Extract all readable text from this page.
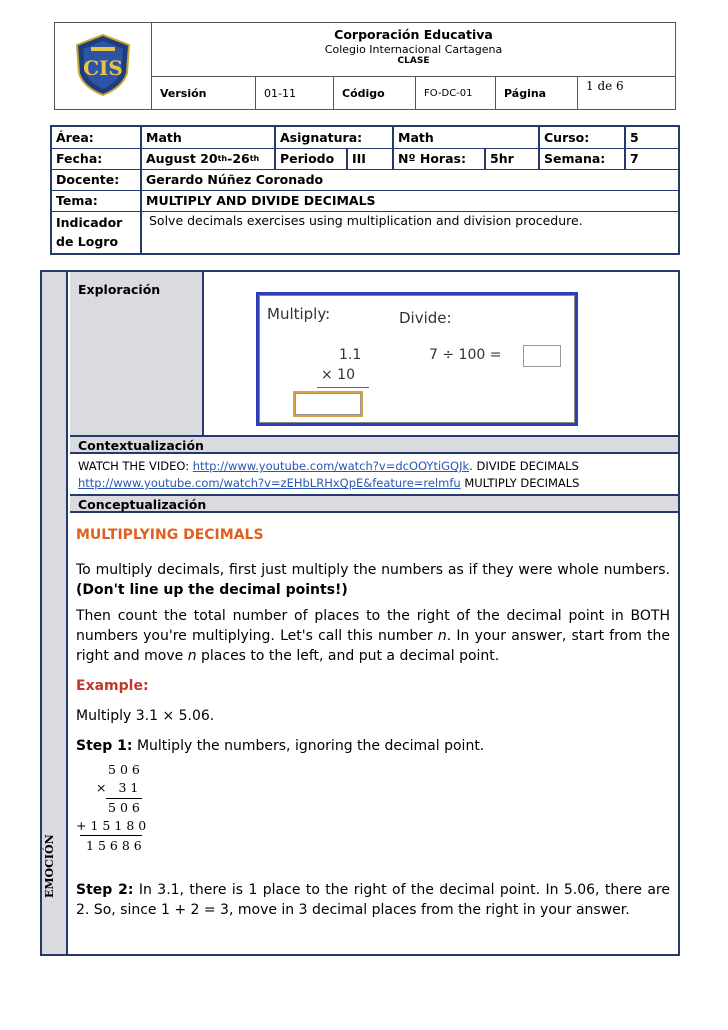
CIS
Corporación Educativa
Colegio Internacional Cartagena
CLASE
Versión	01-11	Código	FO-DC-01	Página
1 de 6
Área:	Math	Asignatura:	Math	Curso:	5
Fecha:	August 20 th -26 th	Periodo	III	Nº Horas:	5hr	Semana:	7
Docente:	Gerardo Núñez Coronado
Tema:	MULTIPLY AND DIVIDE DECIMALS
Indicador
de Logro
Solve decimals exercises using multiplication and division procedure.
EMOCIÓN
Exploración
Multiply:	Divide:
1.1
× 10
7 ÷ 100 =
Contextualización
WATCH THE VIDEO: http://www.youtube.com/watch?v=dcOOYtiGQJk. DIVIDE DECIMALS
http://www.youtube.com/watch?v=zEHbLRHxQpE&feature=relmfu MULTIPLY DECIMALS
Conceptualización
MULTIPLYING DECIMALS
To multiply decimals, first just multiply the numbers as if they were whole numbers. (Don't line up the decimal points!)
Then count the total number of places to the right of the decimal point in BOTH numbers you're multiplying. Let's call this number n. In your answer, start from the right and move n places to the left, and put a decimal point.
Example:
Multiply 3.1 × 5.06.
Step 1: Multiply the numbers, ignoring the decimal point.
506
× 31
506
+15180
15686
Step 2: In 3.1, there is 1 place to the right of the decimal point. In 5.06, there are 2. So, since 1 + 2 = 3, move in 3 decimal places from the right in your answer.
